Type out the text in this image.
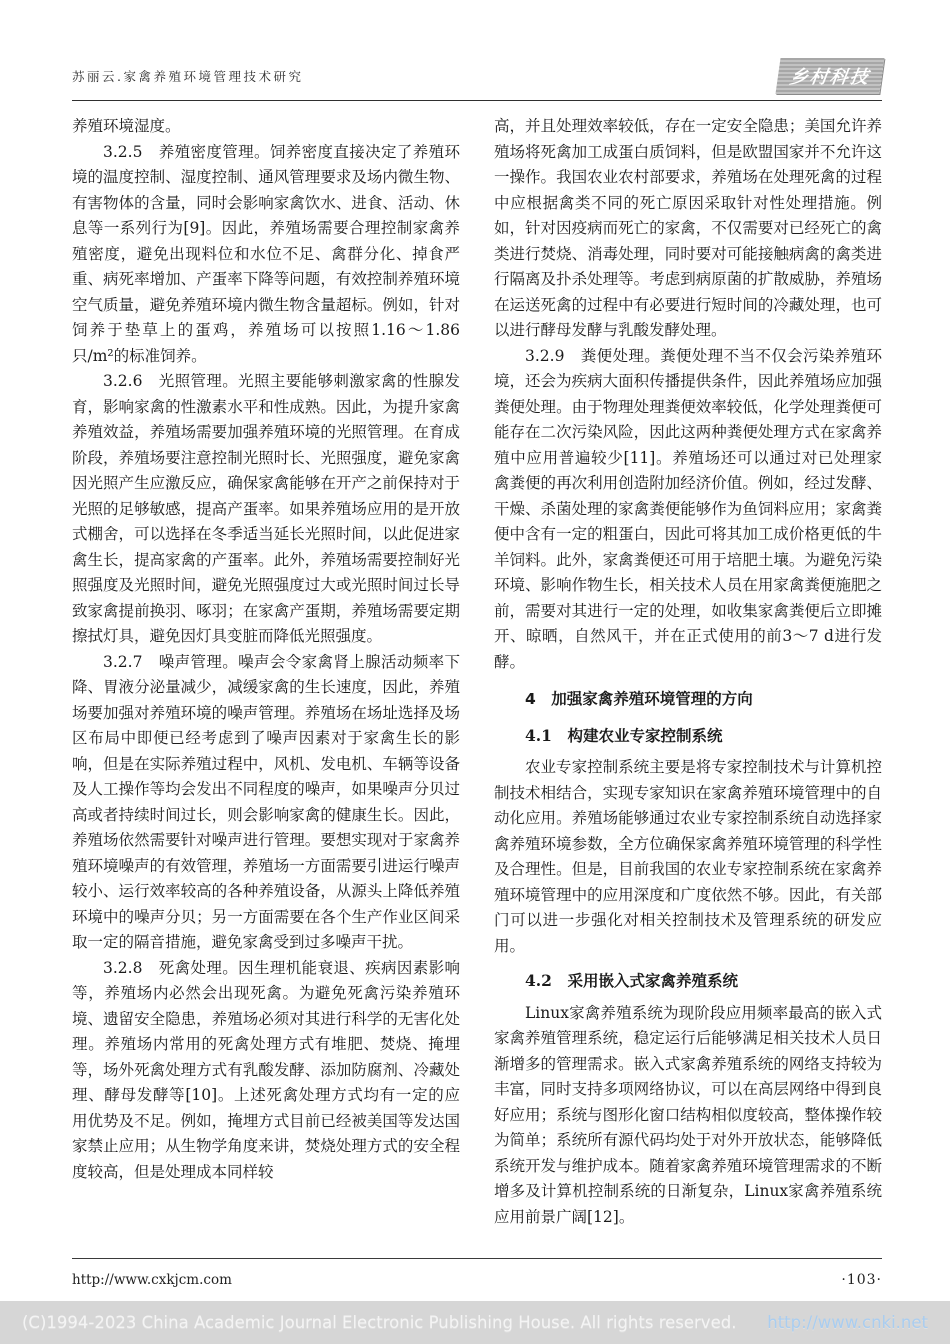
苏丽云.家禽养殖环境管理技术研究	乡村科技

养殖环境湿度。

3.2.5　养殖密度管理。饲养密度直接决定了养殖环境的温度控制、湿度控制、通风管理要求及场内微生物、有害物体的含量，同时会影响家禽饮水、进食、活动、休息等一系列行为[9]。因此，养殖场需要合理控制家禽养殖密度，避免出现料位和水位不足、禽群分化、掉食严重、病死率增加、产蛋率下降等问题，有效控制养殖环境空气质量，避免养殖环境内微生物含量超标。例如，针对饲养于垫草上的蛋鸡，养殖场可以按照1.16～1.86只/m²的标准饲养。

3.2.6　光照管理。光照主要能够刺激家禽的性腺发育，影响家禽的性激素水平和性成熟。因此，为提升家禽养殖效益，养殖场需要加强养殖环境的光照管理。在育成阶段，养殖场要注意控制光照时长、光照强度，避免家禽因光照产生应激反应，确保家禽能够在开产之前保持对于光照的足够敏感，提高产蛋率。如果养殖场应用的是开放式棚舍，可以选择在冬季适当延长光照时间，以此促进家禽生长，提高家禽的产蛋率。此外，养殖场需要控制好光照强度及光照时间，避免光照强度过大或光照时间过长导致家禽提前换羽、啄羽；在家禽产蛋期，养殖场需要定期擦拭灯具，避免因灯具变脏而降低光照强度。

3.2.7　噪声管理。噪声会令家禽肾上腺活动频率下降、胃液分泌量减少，减缓家禽的生长速度，因此，养殖场要加强对养殖环境的噪声管理。养殖场在场址选择及场区布局中即便已经考虑到了噪声因素对于家禽生长的影响，但是在实际养殖过程中，风机、发电机、车辆等设备及人工操作等均会发出不同程度的噪声，如果噪声分贝过高或者持续时间过长，则会影响家禽的健康生长。因此，养殖场依然需要针对噪声进行管理。要想实现对于家禽养殖环境噪声的有效管理，养殖场一方面需要引进运行噪声较小、运行效率较高的各种养殖设备，从源头上降低养殖环境中的噪声分贝；另一方面需要在各个生产作业区间采取一定的隔音措施，避免家禽受到过多噪声干扰。

3.2.8　死禽处理。因生理机能衰退、疾病因素影响等，养殖场内必然会出现死禽。为避免死禽污染养殖环境、遗留安全隐患，养殖场必须对其进行科学的无害化处理。养殖场内常用的死禽处理方式有堆肥、焚烧、掩埋等，场外死禽处理方式有乳酸发酵、添加防腐剂、冷藏处理、酵母发酵等[10]。上述死禽处理方式均有一定的应用优势及不足。例如，掩埋方式目前已经被美国等发达国家禁止应用；从生物学角度来讲，焚烧处理方式的安全程度较高，但是处理成本同样较

高，并且处理效率较低，存在一定安全隐患；美国允许养殖场将死禽加工成蛋白质饲料，但是欧盟国家并不允许这一操作。我国农业农村部要求，养殖场在处理死禽的过程中应根据禽类不同的死亡原因采取针对性处理措施。例如，针对因疫病而死亡的家禽，不仅需要对已经死亡的禽类进行焚烧、消毒处理，同时要对可能接触病禽的禽类进行隔离及扑杀处理等。考虑到病原菌的扩散威胁，养殖场在运送死禽的过程中有必要进行短时间的冷藏处理，也可以进行酵母发酵与乳酸发酵处理。

3.2.9　粪便处理。粪便处理不当不仅会污染养殖环境，还会为疾病大面积传播提供条件，因此养殖场应加强粪便处理。由于物理处理粪便效率较低，化学处理粪便可能存在二次污染风险，因此这两种粪便处理方式在家禽养殖中应用普遍较少[11]。养殖场还可以通过对已处理家禽粪便的再次利用创造附加经济价值。例如，经过发酵、干燥、杀菌处理的家禽粪便能够作为鱼饲料应用；家禽粪便中含有一定的粗蛋白，因此可将其加工成价格更低的牛羊饲料。此外，家禽粪便还可用于培肥土壤。为避免污染环境、影响作物生长，相关技术人员在用家禽粪便施肥之前，需要对其进行一定的处理，如收集家禽粪便后立即摊开、晾晒，自然风干，并在正式使用的前3～7 d进行发酵。

4　加强家禽养殖环境管理的方向
4.1　构建农业专家控制系统

农业专家控制系统主要是将专家控制技术与计算机控制技术相结合，实现专家知识在家禽养殖环境管理中的自动化应用。养殖场能够通过农业专家控制系统自动选择家禽养殖环境参数，全方位确保家禽养殖环境管理的科学性及合理性。但是，目前我国的农业专家控制系统在家禽养殖环境管理中的应用深度和广度依然不够。因此，有关部门可以进一步强化对相关控制技术及管理系统的研发应用。

4.2　采用嵌入式家禽养殖系统

Linux家禽养殖系统为现阶段应用频率最高的嵌入式家禽养殖管理系统，稳定运行后能够满足相关技术人员日渐增多的管理需求。嵌入式家禽养殖系统的网络支持较为丰富，同时支持多项网络协议，可以在高层网络中得到良好应用；系统与图形化窗口结构相似度较高，整体操作较为简单；系统所有源代码均处于对外开放状态，能够降低系统开发与维护成本。随着家禽养殖环境管理需求的不断增多及计算机控制系统的日渐复杂，Linux家禽养殖系统应用前景广阔[12]。

http://www.cxkjcm.com	·103·
(C)1994-2023 China Academic Journal Electronic Publishing House. All rights reserved. http://www.cnki.net
